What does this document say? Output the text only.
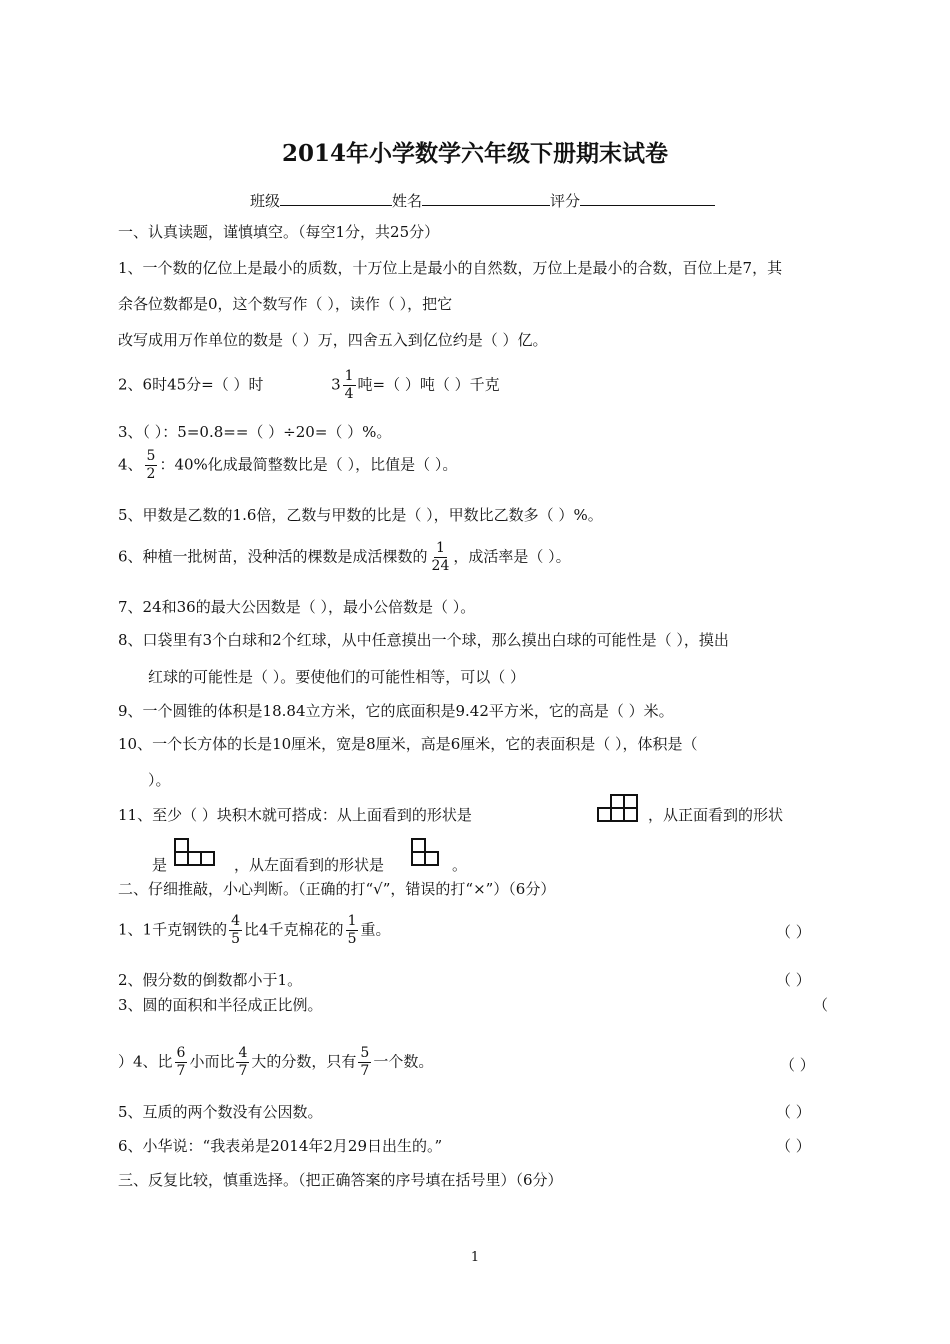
2014年小学数学六年级下册期末试卷
班级	姓名	评分
一、认真读题，谨慎填空。（每空1分，共25分）
1、一个数的亿位上是最小的质数，十万位上是最小的自然数，万位上是最小的合数，百位上是7，其
余各位数都是0，这个数写作（ ），读作（ ），把它
改写成用万作单位的数是（ ）万，四舍五入到亿位约是（ ）亿。
2、6时45分=（ ）时	$3 \frac{1}{4}$ 吨=（ ）吨（ ）千克
3、（ ）：5=0.8==（ ）÷20=（ ）%。
4、 $\frac{5}{2}$ ：40%化成最简整数比是（ ），比值是（ ）。
5、甲数是乙数的1.6倍，乙数与甲数的比是（ ），甲数比乙数多（ ）%。
6、种植一批树苗，没种活的棵数是成活棵数的 $\frac{1}{24}$ ，成活率是（ ）。
7、24和36的最大公因数是（ ），最小公倍数是（ ）。
8、口袋里有3个白球和2个红球，从中任意摸出一个球，那么摸出白球的可能性是（ ），摸出
红球的可能性是（ ）。要使他们的可能性相等，可以（ ）
9、一个圆锥的体积是18.84立方米，它的底面积是9.42平方米，它的高是（ ）米。
10、一个长方体的长是10厘米，宽是8厘米，高是6厘米，它的表面积是（ ），体积是（
）。
11、至少（ ）块积木就可搭成：从上面看到的形状是	，从正面看到的形状
是	，从左面看到的形状是	。
二、仔细推敲，小心判断。（正确的打“√”，错误的打“×”）（6分）
1、1千克钢铁的 $\frac{4}{5}$ 比4千克棉花的 $\frac{1}{5}$ 重。	（ ）
2、假分数的倒数都小于1。	（ ）
3、圆的面积和半径成正比例。	（
）4、比 $\frac{6}{7}$ 小而比 $\frac{4}{7}$ 大的分数，只有 $\frac{5}{7}$ 一个数。	（ ）
5、互质的两个数没有公因数。	（ ）
6、小华说：“我表弟是2014年2月29日出生的。”	（ ）
三、反复比较，慎重选择。（把正确答案的序号填在括号里）（6分）
1
